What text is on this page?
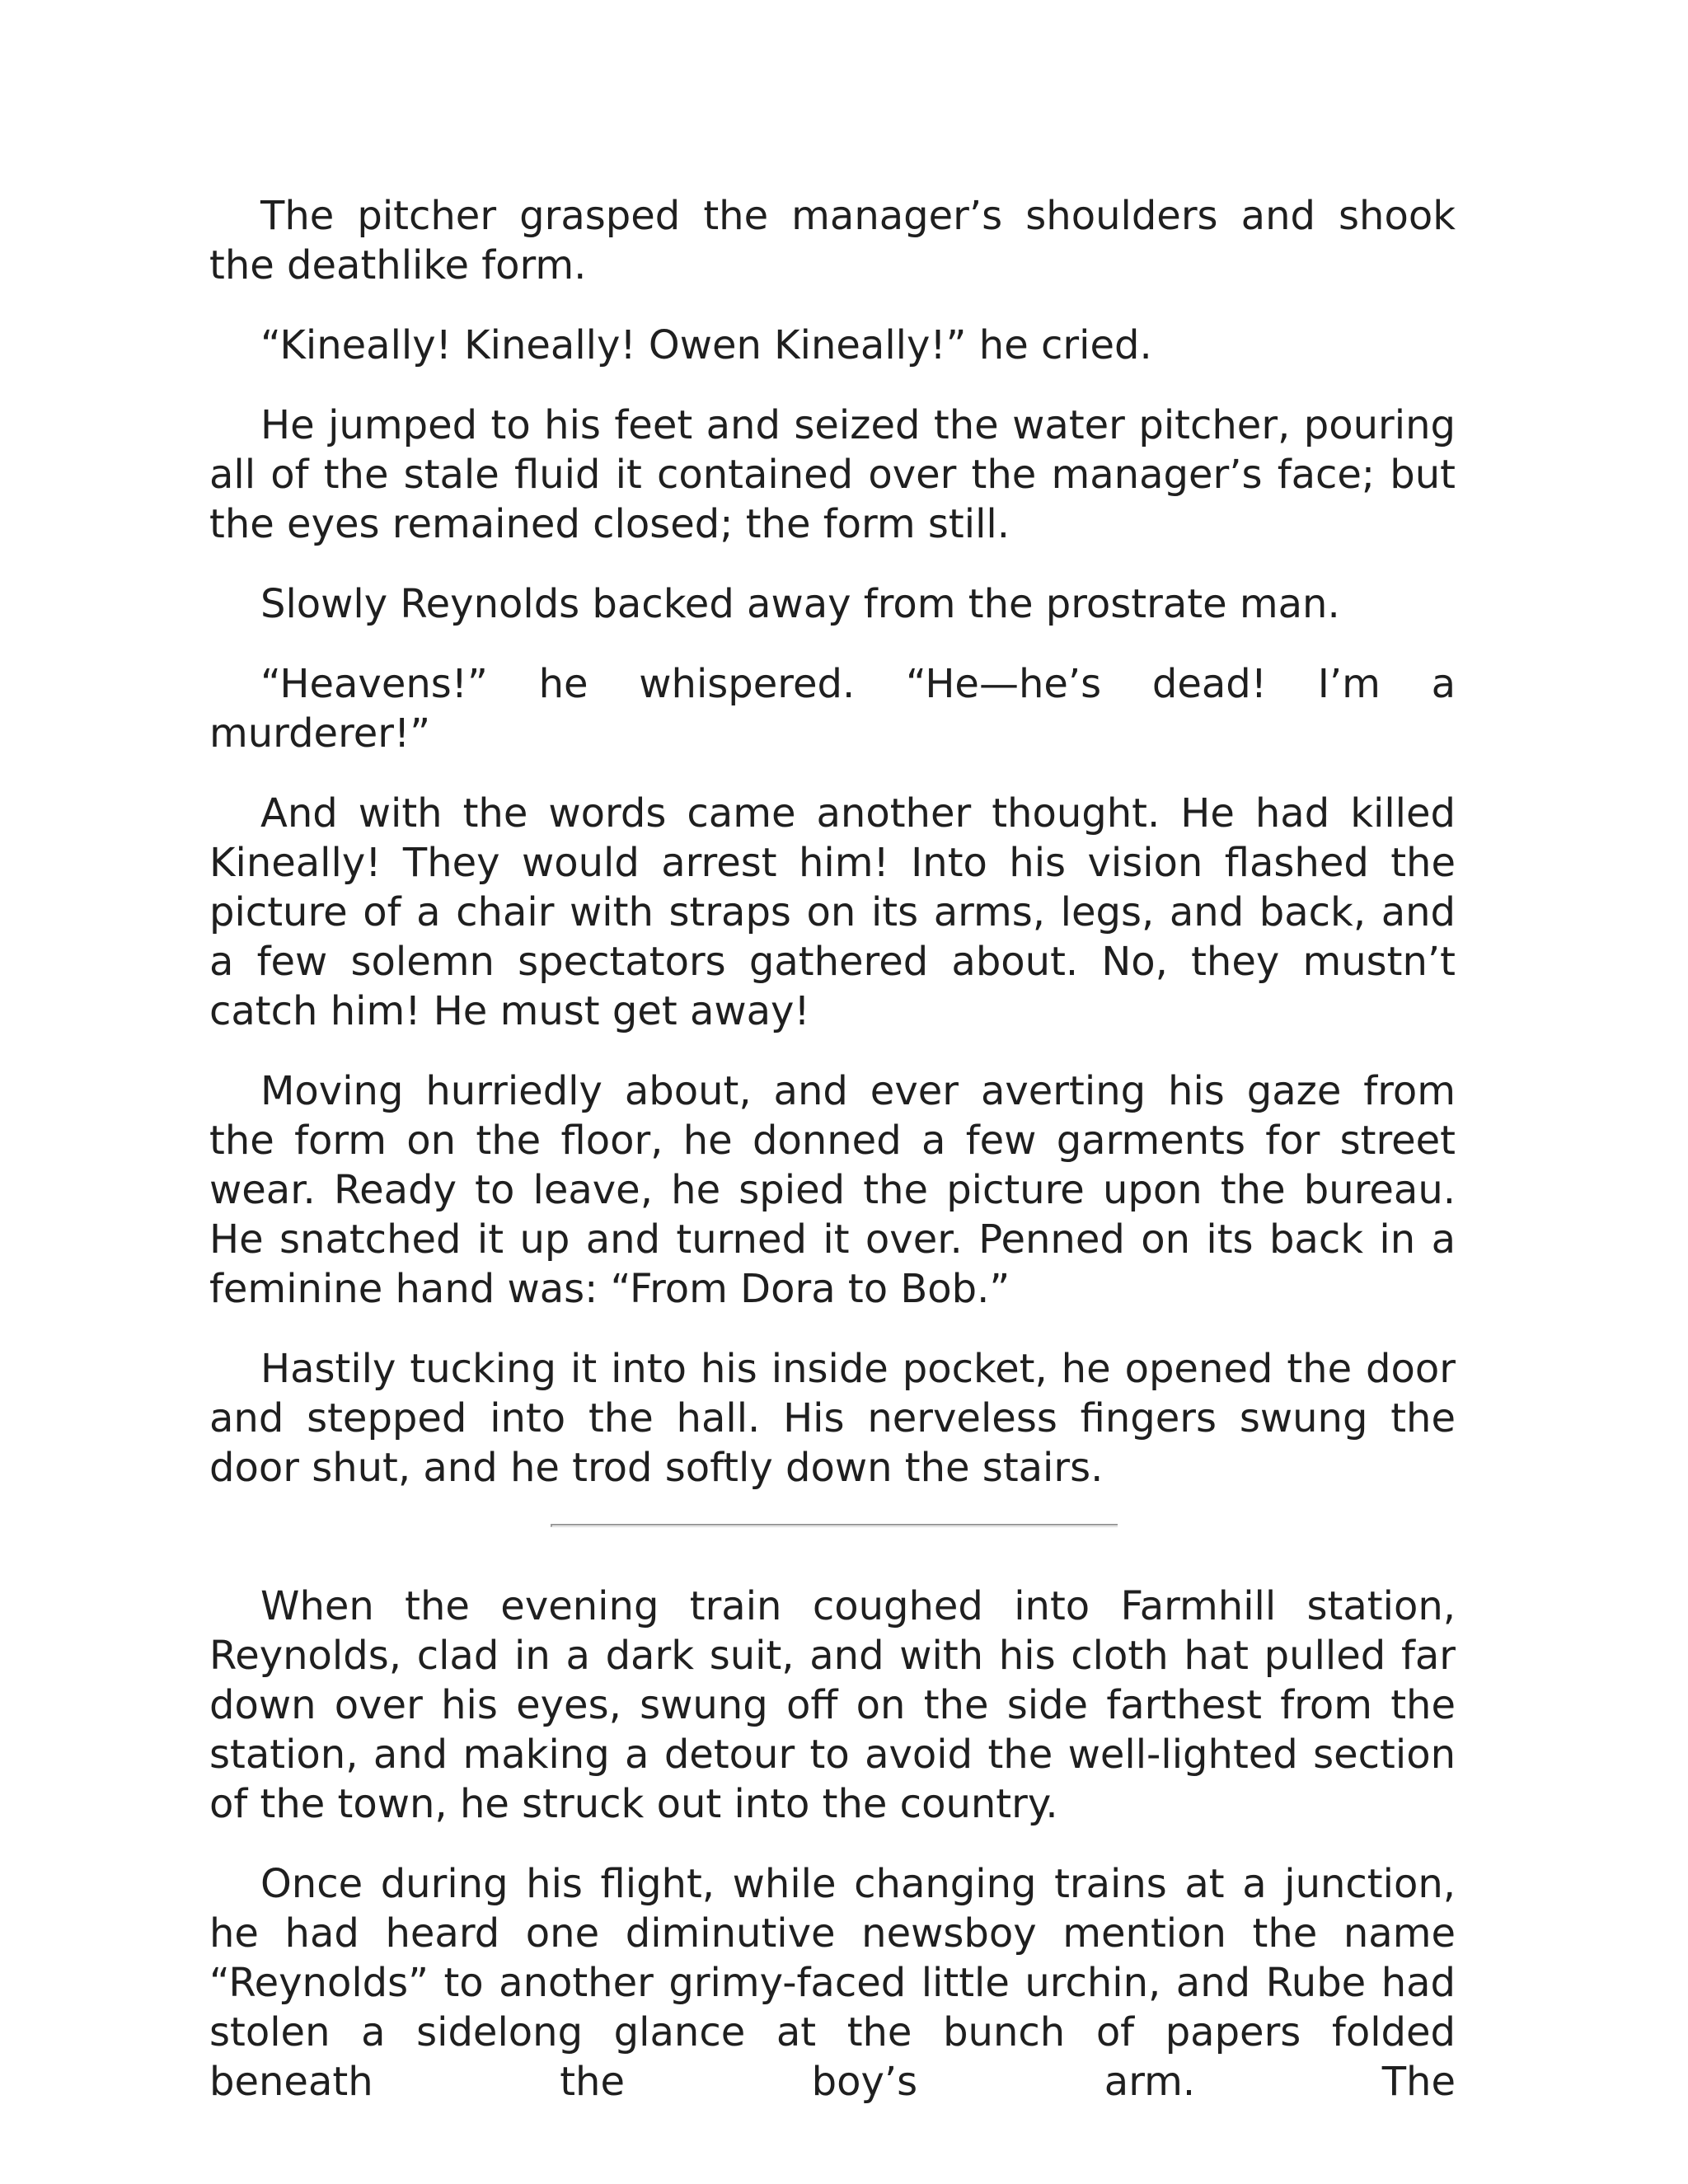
The pitcher grasped the manager’s shoulders and shook the deathlike form.

“Kineally! Kineally! Owen Kineally!” he cried.

He jumped to his feet and seized the water pitcher, pouring all of the stale fluid it contained over the manager’s face; but the eyes remained closed; the form still.

Slowly Reynolds backed away from the prostrate man.

“Heavens!” he whispered. “He—he’s dead! I’m a murderer!”

And with the words came another thought. He had killed Kineally! They would arrest him! Into his vision flashed the picture of a chair with straps on its arms, legs, and back, and a few solemn spectators gathered about. No, they mustn’t catch him! He must get away!

Moving hurriedly about, and ever averting his gaze from the form on the floor, he donned a few garments for street wear. Ready to leave, he spied the picture upon the bureau. He snatched it up and turned it over. Penned on its back in a feminine hand was: “From Dora to Bob.”

Hastily tucking it into his inside pocket, he opened the door and stepped into the hall. His nerveless fingers swung the door shut, and he trod softly down the stairs.

When the evening train coughed into Farmhill station, Reynolds, clad in a dark suit, and with his cloth hat pulled far down over his eyes, swung off on the side farthest from the station, and making a detour to avoid the well-lighted section of the town, he struck out into the country.

Once during his flight, while changing trains at a junction, he had heard one diminutive newsboy mention the name “Reynolds” to another grimy-faced little urchin, and Rube had stolen a sidelong glance at the bunch of papers folded beneath the boy’s arm. The
